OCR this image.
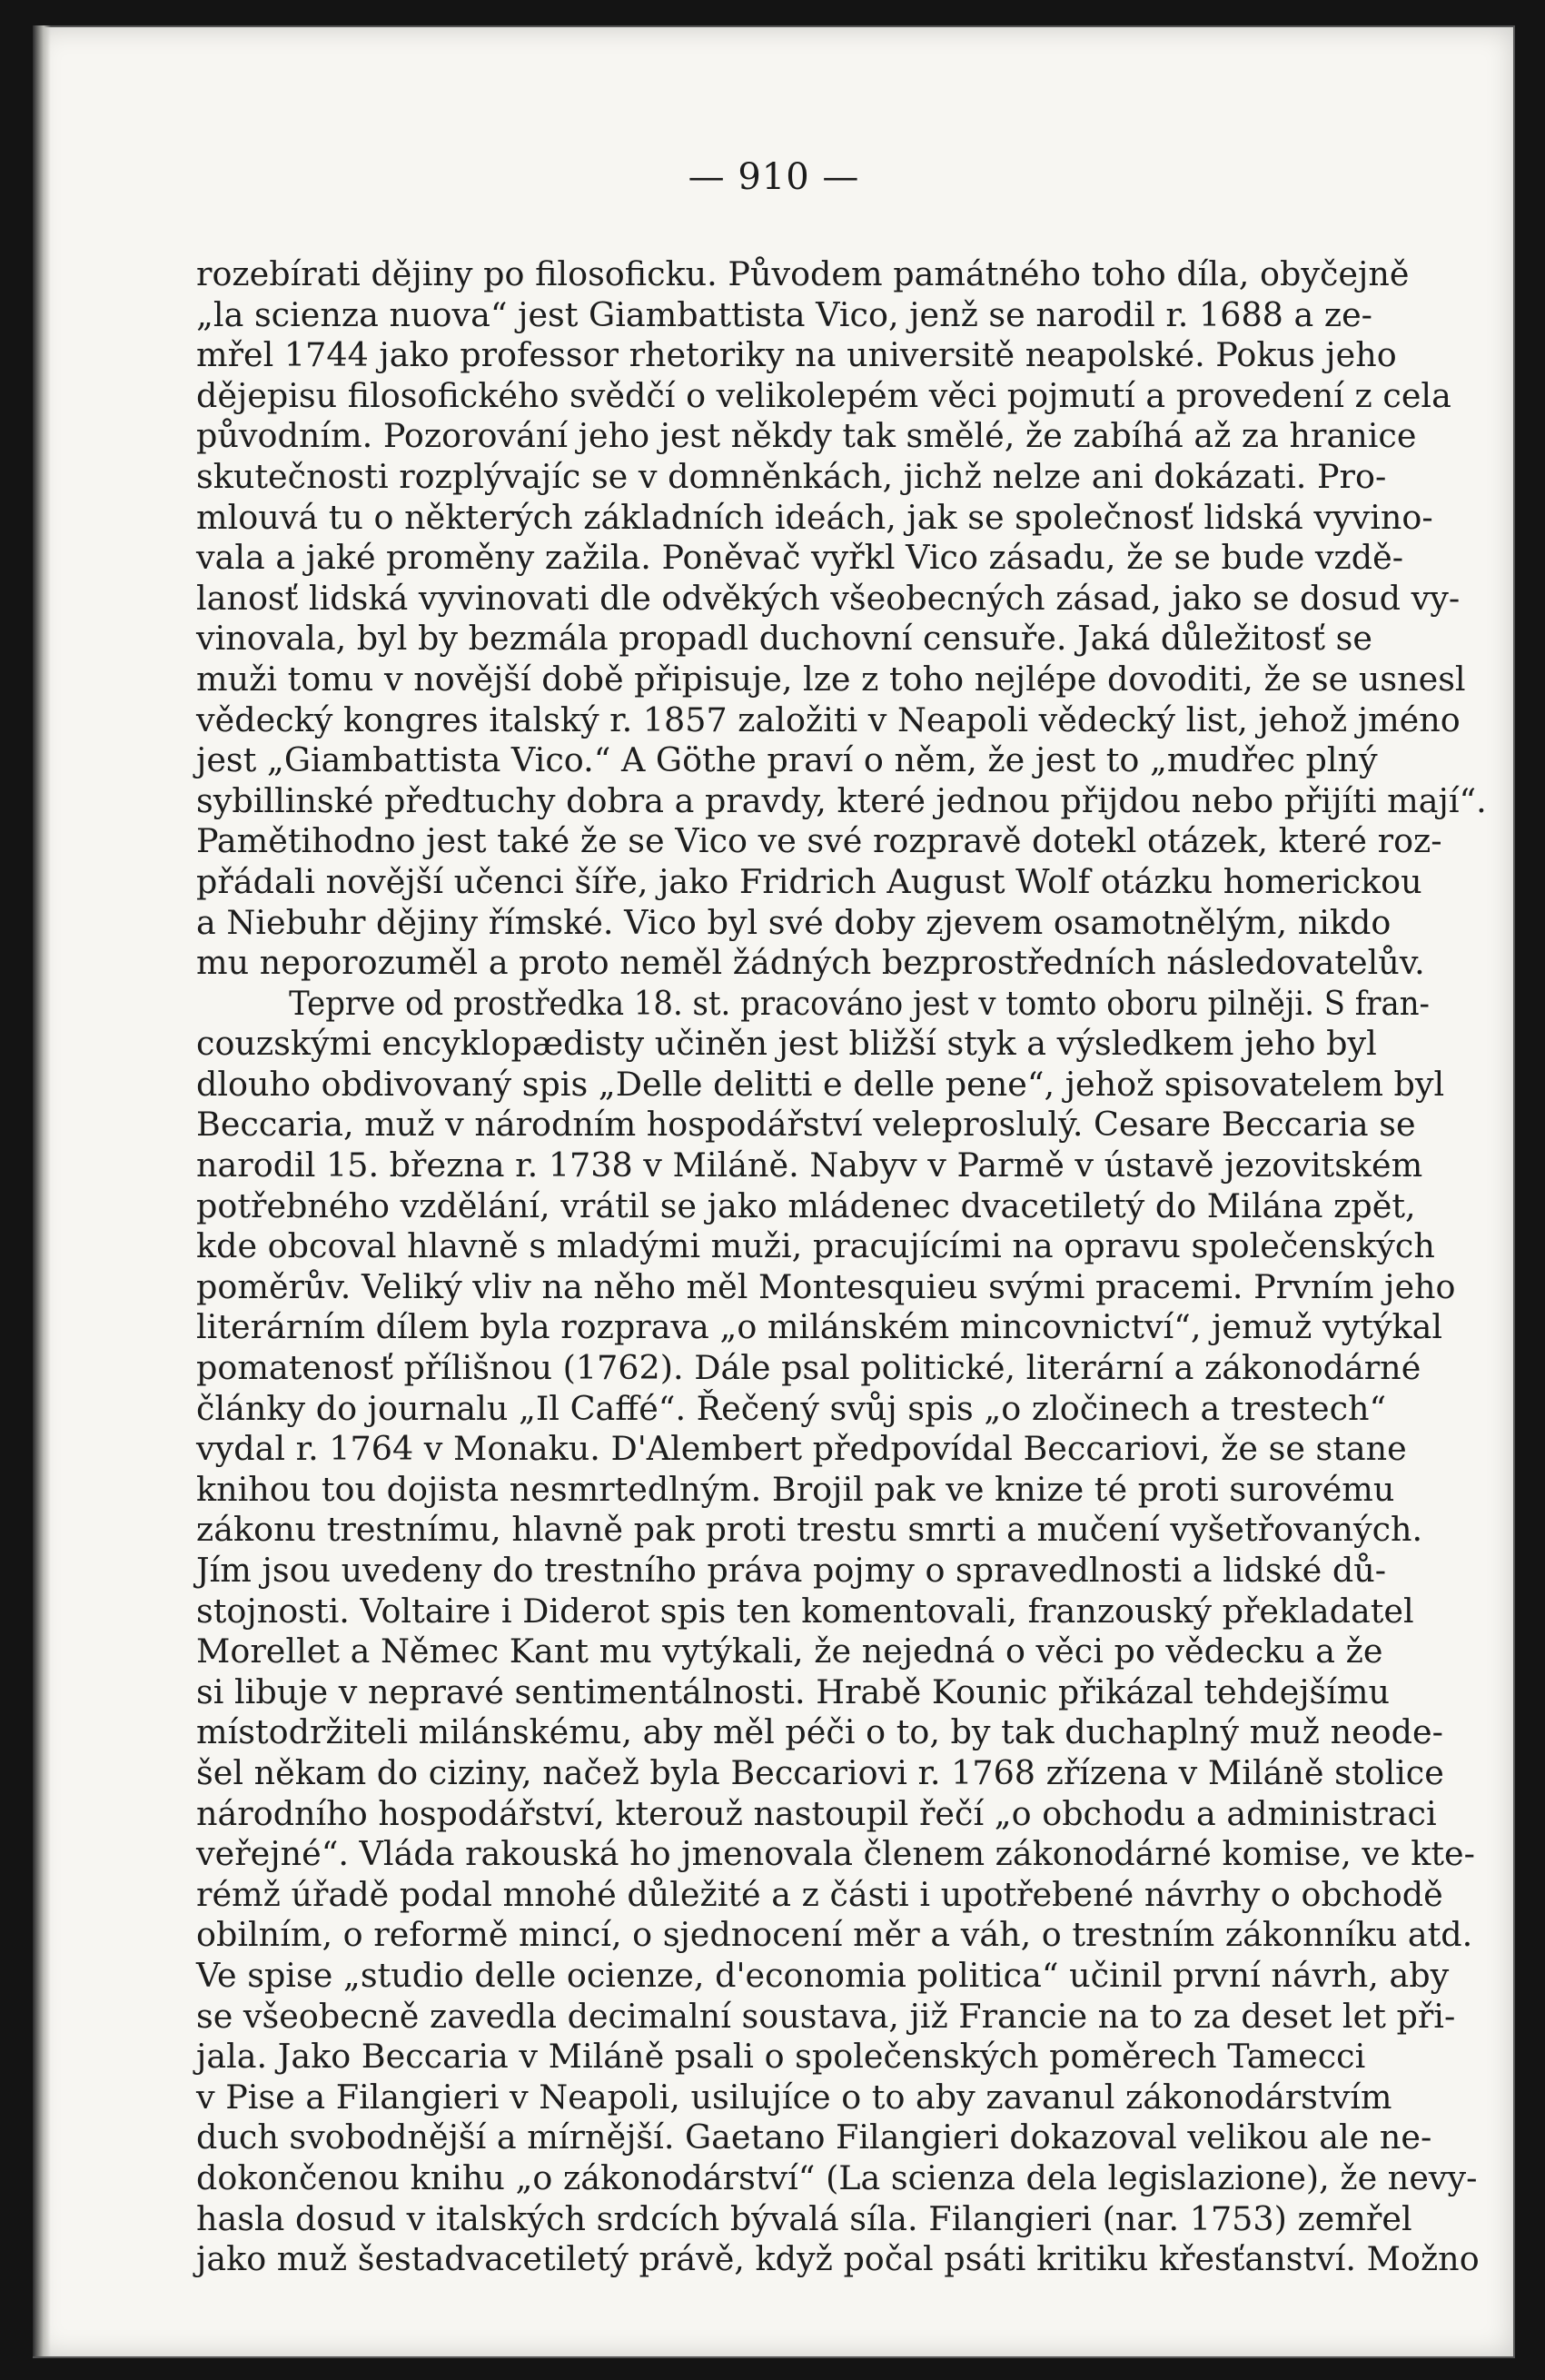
— 910 —
rozebírati dějiny po filosoficku. Původem památného toho díla, obyčejně
„la scienza nuova“ jest Giambattista Vico, jenž se narodil r. 1688 a ze-
mřel 1744 jako professor rhetoriky na universitě neapolské. Pokus jeho
dějepisu filosofického svědčí o velikolepém věci pojmutí a provedení z cela
původním. Pozorování jeho jest někdy tak smělé, že zabíhá až za hranice
skutečnosti rozplývajíc se v domněnkách, jichž nelze ani dokázati. Pro-
mlouvá tu o některých základních ideách, jak se společnosť lidská vyvino-
vala a jaké proměny zažila. Poněvač vyřkl Vico zásadu, že se bude vzdě-
lanosť lidská vyvinovati dle odvěkých všeobecných zásad, jako se dosud vy-
vinovala, byl by bezmála propadl duchovní censuře. Jaká důležitosť se
muži tomu v novější době připisuje, lze z toho nejlépe dovoditi, že se usnesl
vědecký kongres italský r. 1857 založiti v Neapoli vědecký list, jehož jméno
jest „Giambattista Vico.“ A Göthe praví o něm, že jest to „mudřec plný
sybillinské předtuchy dobra a pravdy, které jednou přijdou nebo přijíti mají“.
Pamětihodno jest také že se Vico ve své rozpravě dotekl otázek, které roz-
přádali novější učenci šíře, jako Fridrich August Wolf otázku homerickou
a Niebuhr dějiny římské. Vico byl své doby zjevem osamotnělým, nikdo
mu neporozuměl a proto neměl žádných bezprostředních následovatelův.
Teprve od prostředka 18. st. pracováno jest v tomto oboru pilněji. S fran-
couzskými encyklopædisty učiněn jest bližší styk a výsledkem jeho byl
dlouho obdivovaný spis „Delle delitti e delle pene“, jehož spisovatelem byl
Beccaria, muž v národním hospodářství veleproslulý. Cesare Beccaria se
narodil 15. března r. 1738 v Miláně. Nabyv v Parmě v ústavě jezovitském
potřebného vzdělání, vrátil se jako mládenec dvacetiletý do Milána zpět,
kde obcoval hlavně s mladými muži, pracujícími na opravu společenských
poměrův. Veliký vliv na něho měl Montesquieu svými pracemi. Prvním jeho
literárním dílem byla rozprava „o milánském mincovnictví“, jemuž vytýkal
pomatenosť přílišnou (1762). Dále psal politické, literární a zákonodárné
články do journalu „Il Caffé“. Řečený svůj spis „o zločinech a trestech“
vydal r. 1764 v Monaku. D'Alembert předpovídal Beccariovi, že se stane
knihou tou dojista nesmrtedlným. Brojil pak ve knize té proti surovému
zákonu trestnímu, hlavně pak proti trestu smrti a mučení vyšetřovaných.
Jím jsou uvedeny do trestního práva pojmy o spravedlnosti a lidské dů-
stojnosti. Voltaire i Diderot spis ten komentovali, franzouský překladatel
Morellet a Němec Kant mu vytýkali, že nejedná o věci po vědecku a že
si libuje v nepravé sentimentálnosti. Hrabě Kounic přikázal tehdejšímu
místodržiteli milánskému, aby měl péči o to, by tak duchaplný muž neode-
šel někam do ciziny, načež byla Beccariovi r. 1768 zřízena v Miláně stolice
národního hospodářství, kterouž nastoupil řečí „o obchodu a administraci
veřejné“. Vláda rakouská ho jmenovala členem zákonodárné komise, ve kte-
rémž úřadě podal mnohé důležité a z části i upotřebené návrhy o obchodě
obilním, o reformě mincí, o sjednocení měr a váh, o trestním zákonníku atd.
Ve spise „studio delle ocienze, d'economia politica“ učinil první návrh, aby
se všeobecně zavedla decimalní soustava, již Francie na to za deset let při-
jala. Jako Beccaria v Miláně psali o společenských poměrech Tamecci
v Pise a Filangieri v Neapoli, usilujíce o to aby zavanul zákonodárstvím
duch svobodnější a mírnější. Gaetano Filangieri dokazoval velikou ale ne-
dokončenou knihu „o zákonodárství“ (La scienza dela legislazione), že nevy-
hasla dosud v italských srdcích bývalá síla. Filangieri (nar. 1753) zemřel
jako muž šestadvacetiletý právě, když počal psáti kritiku křesťanství. Možno
